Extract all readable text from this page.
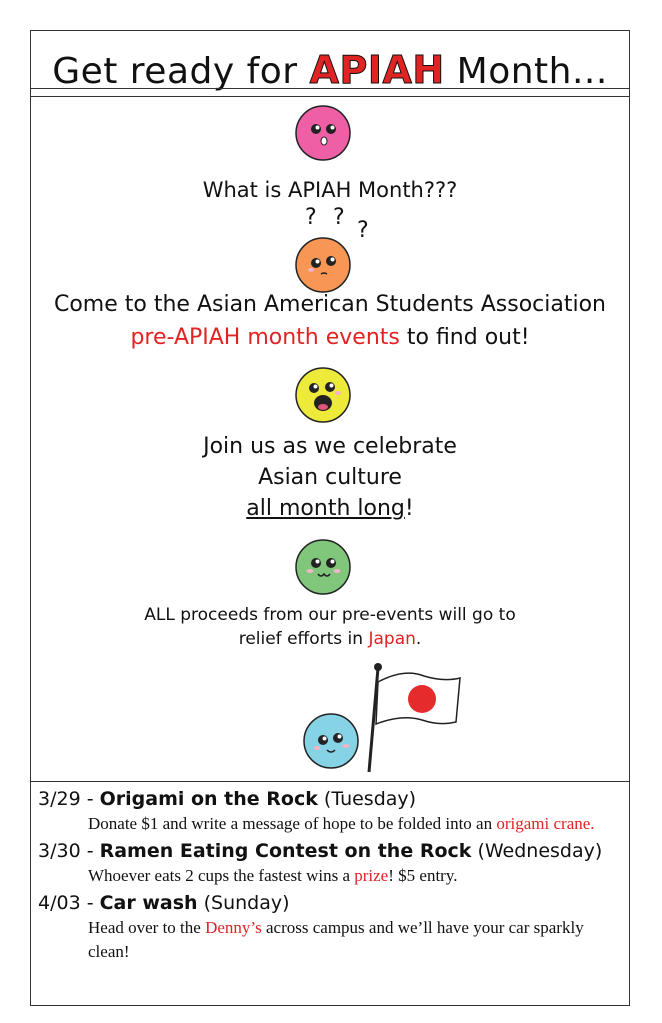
Get ready for APIAH Month...
What is APIAH Month???
? ?
?
Come to the Asian American Students Association
pre-APIAH month events to find out!
Join us as we celebrate
Asian culture
all month long!
ALL proceeds from our pre-events will go to
relief efforts in Japan.
3/29 - Origami on the Rock (Tuesday)
Donate $1 and write a message of hope to be folded into an origami crane.
3/30 - Ramen Eating Contest on the Rock (Wednesday)
Whoever eats 2 cups the fastest wins a prize! $5 entry.
4/03 - Car wash (Sunday)
Head over to the Denny’s across campus and we’ll have your car sparkly clean!
